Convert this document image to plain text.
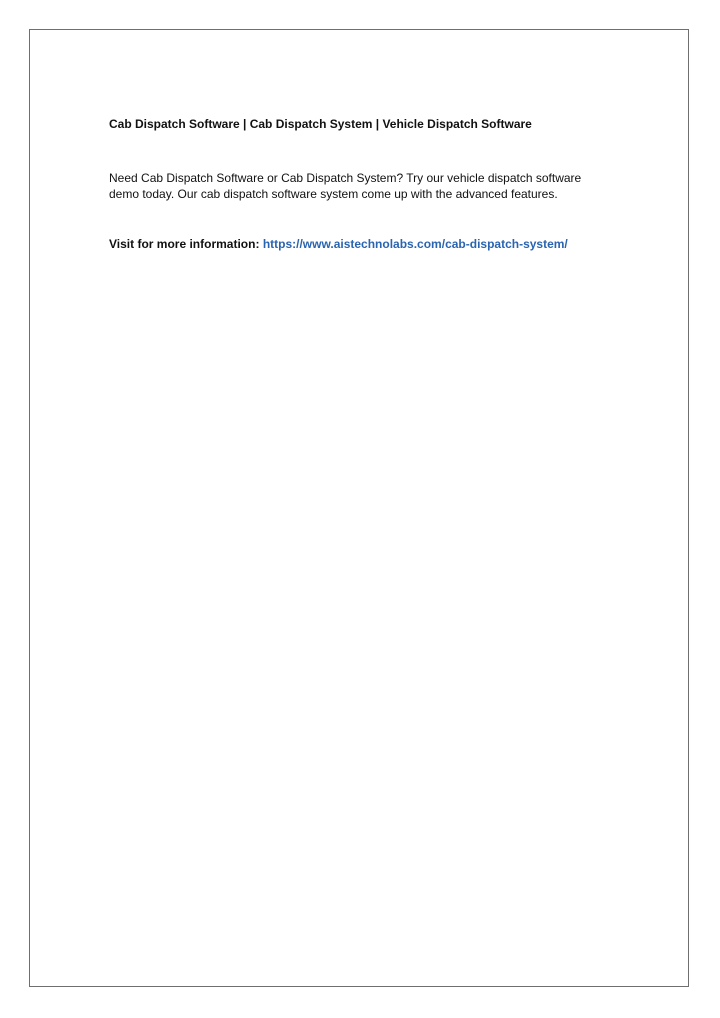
Cab Dispatch Software | Cab Dispatch System | Vehicle Dispatch Software

Need Cab Dispatch Software or Cab Dispatch System? Try our vehicle dispatch software
demo today. Our cab dispatch software system come up with the advanced features.

Visit for more information: https://www.aistechnolabs.com/cab-dispatch-system/
